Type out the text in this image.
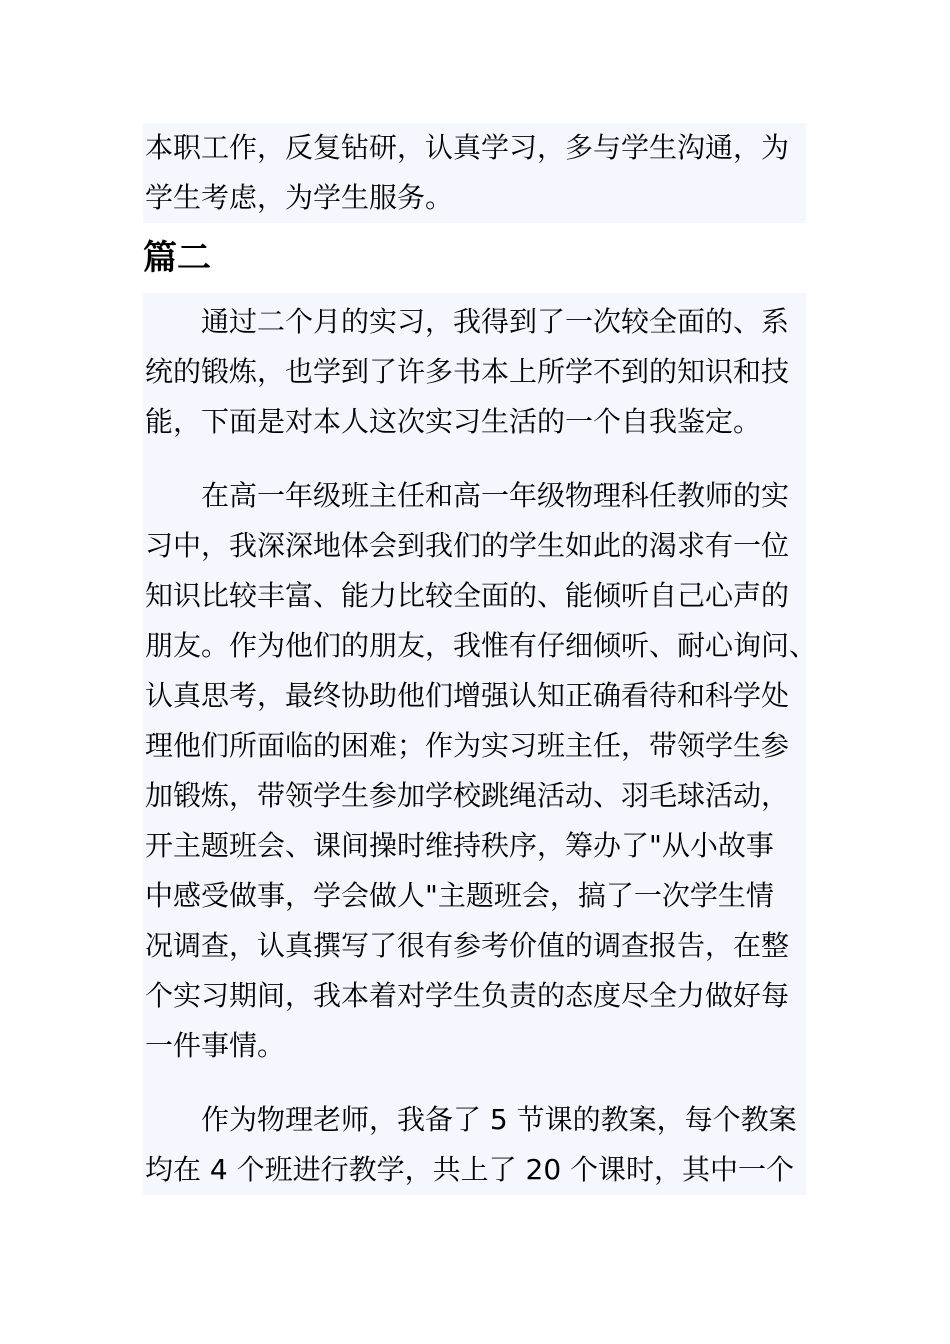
本职工作，反复钻研，认真学习，多与学生沟通，为
学生考虑，为学生服务。
篇二
通过二个月的实习，我得到了一次较全面的、系
统的锻炼，也学到了许多书本上所学不到的知识和技
能，下面是对本人这次实习生活的一个自我鉴定。
在高一年级班主任和高一年级物理科任教师的实
习中，我深深地体会到我们的学生如此的渴求有一位
知识比较丰富、能力比较全面的、能倾听自己心声的
朋友。作为他们的朋友，我惟有仔细倾听、耐心询问、
认真思考，最终协助他们增强认知正确看待和科学处
理他们所面临的困难；作为实习班主任，带领学生参
加锻炼，带领学生参加学校跳绳活动、羽毛球活动，
开主题班会、课间操时维持秩序，筹办了"从小故事
中感受做事，学会做人"主题班会，搞了一次学生情
况调查，认真撰写了很有参考价值的调查报告，在整
个实习期间，我本着对学生负责的态度尽全力做好每
一件事情。
作为物理老师，我备了 5 节课的教案，每个教案
均在 4 个班进行教学，共上了 20 个课时，其中一个
